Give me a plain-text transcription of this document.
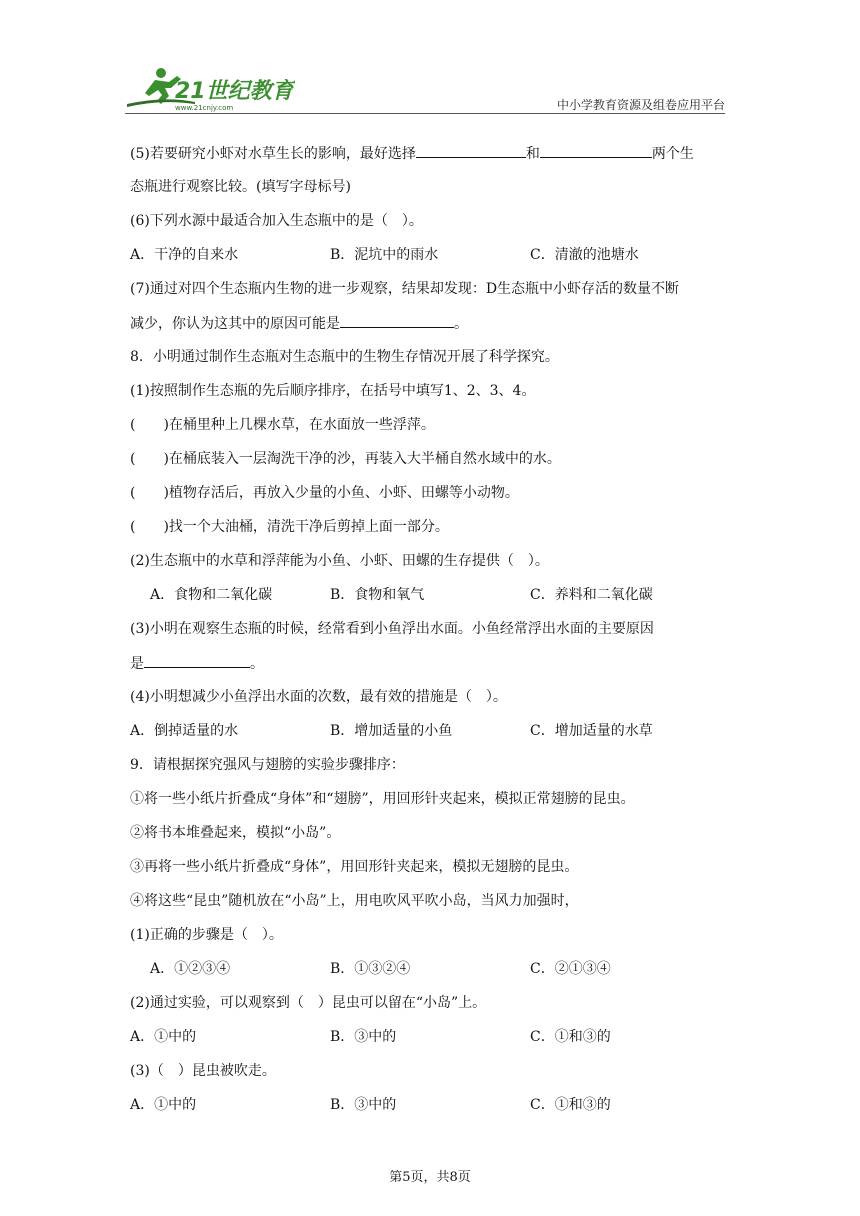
21世纪教育
www.21cnjy.com	中小学教育资源及组卷应用平台
(5)若要研究小虾对水草生长的影响，最好选择	和	两个生
态瓶进行观察比较。(填写字母标号)
(6)下列水源中最适合加入生态瓶中的是（　）。
A．干净的自来水	B．泥坑中的雨水	C．清澈的池塘水
(7)通过对四个生态瓶内生物的进一步观察，结果却发现：D生态瓶中小虾存活的数量不断
减少，你认为这其中的原因可能是	。
8．小明通过制作生态瓶对生态瓶中的生物生存情况开展了科学探究。
(1)按照制作生态瓶的先后顺序排序，在括号中填写1、2、3、4。
(　　)在桶里种上几棵水草，在水面放一些浮萍。
(　　)在桶底装入一层淘洗干净的沙，再装入大半桶自然水域中的水。
(　　)植物存活后，再放入少量的小鱼、小虾、田螺等小动物。
(　　)找一个大油桶，清洗干净后剪掉上面一部分。
(2)生态瓶中的水草和浮萍能为小鱼、小虾、田螺的生存提供（　）。
A．食物和二氧化碳	B．食物和氧气	C．养料和二氧化碳
(3)小明在观察生态瓶的时候，经常看到小鱼浮出水面。小鱼经常浮出水面的主要原因
是	。
(4)小明想减少小鱼浮出水面的次数，最有效的措施是（　）。
A．倒掉适量的水	B．增加适量的小鱼	C．增加适量的水草
9．请根据探究强风与翅膀的实验步骤排序：
①将一些小纸片折叠成“身体”和“翅膀”，用回形针夹起来，模拟正常翅膀的昆虫。
②将书本堆叠起来，模拟“小岛”。
③再将一些小纸片折叠成“身体”，用回形针夹起来，模拟无翅膀的昆虫。
④将这些“昆虫”随机放在“小岛”上，用电吹风平吹小岛，当风力加强时，
(1)正确的步骤是（　）。
A．①②③④	B．①③②④	C．②①③④
(2)通过实验，可以观察到（　）昆虫可以留在“小岛”上。
A．①中的	B．③中的	C．①和③的
(3)（　）昆虫被吹走。
A．①中的	B．③中的	C．①和③的
第5页，共8页
